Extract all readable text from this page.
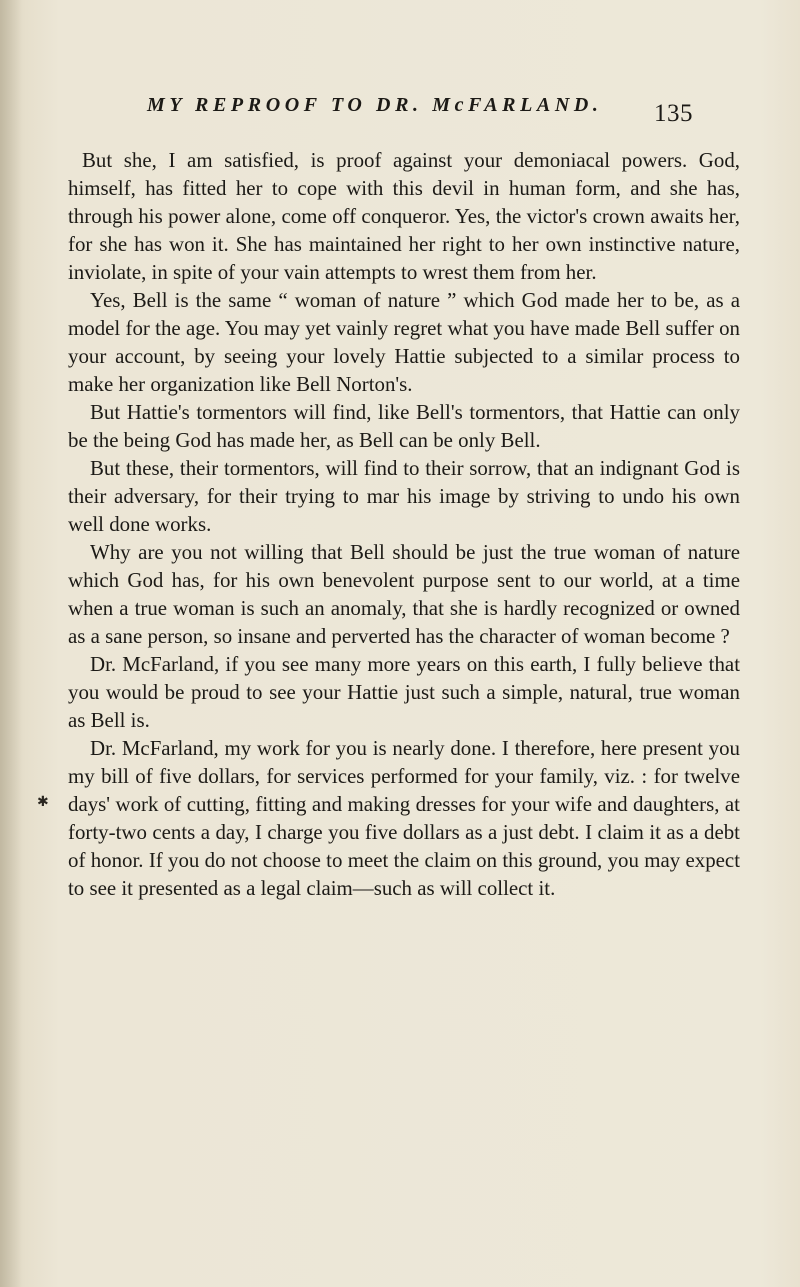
MY REPROOF TO DR. McFARLAND. 135
✱

But she, I am satisfied, is proof against your demoniacal powers. God, himself, has fitted her to cope with this devil in human form, and she has, through his power alone, come off conqueror. Yes, the victor's crown awaits her, for she has won it. She has maintained her right to her own instinctive nature, inviolate, in spite of your vain attempts to wrest them from her.

Yes, Bell is the same “ woman of nature ” which God made her to be, as a model for the age. You may yet vainly regret what you have made Bell suffer on your account, by seeing your lovely Hattie subjected to a similar process to make her organization like Bell Norton's.

But Hattie's tormentors will find, like Bell's tormentors, that Hattie can only be the being God has made her, as Bell can be only Bell.

But these, their tormentors, will find to their sorrow, that an indignant God is their adversary, for their trying to mar his image by striving to undo his own well done works.

Why are you not willing that Bell should be just the true woman of nature which God has, for his own benevolent purpose sent to our world, at a time when a true woman is such an anomaly, that she is hardly recognized or owned as a sane person, so insane and perverted has the character of woman become ?

Dr. McFarland, if you see many more years on this earth, I fully believe that you would be proud to see your Hattie just such a simple, natural, true woman as Bell is.

Dr. McFarland, my work for you is nearly done. I therefore, here present you my bill of five dollars, for services performed for your family, viz. : for twelve days' work of cutting, fitting and making dresses for your wife and daughters, at forty-two cents a day, I charge you five dollars as a just debt. I claim it as a debt of honor. If you do not choose to meet the claim on this ground, you may expect to see it presented as a legal claim—such as will collect it.
